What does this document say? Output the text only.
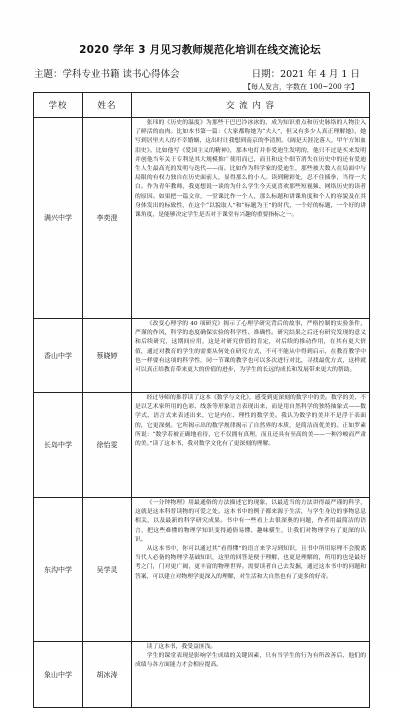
2020 学年 3 月见习教师规范化培训在线交流论坛
主题：学科专业书籍 读书心得体会	日期：2021 年 4 月 1 日
【每人发言，字数在 100~200 字】
学校	姓名	交 流 内 容
满兴中学	李奕澄	张玮的《历史的温度》为那些干巴巴冷冰冰的，成为知识重点和历史脉络的人物注入了鲜活的血肉。比如本书第一篇：《大家都称她为“夫人”，但又有多少人真正理解她》，她写到居里夫人的不幸婚姻，这出时让我想到南京的李清照。《阔是天涯沦落人，甲午方知血泪史》。比如他写《爱国主义的精神》，那本电灯并非爱迪生发明的，他只不过是买来发明并创他当年关于专利是其大规模推广使用而已，而丑和这个细节消失在历史中的还有爱迪生人生最高光的发明与迭代——而。比如作为科学家的爱迪生，那些被大数人在局面中与局限的有权力独自在历史面前人，显得那么的小人。读到精彩处，忍不住插拳，当得一大白。作为青年教师，我更想说一谈的为什么学生今天更喜欢那些短视频、网络历史的读者的原因。如果把一篇文章，一堂课比作一个人，那么标题和讲课角度和个人的容貌及在其身体发出的标致性，在这个“以貌取人”和“标题为王”的时代，一个好的标题，一个好的讲课角度，是能够决定学生是否对于课堂有兴趣的重要指标之一。

香山中学	蔡晓婷	《改变心理学的 40 项研究》揭示了心理学研究背后的故事，严格控制的实验条件，严谨的作风，科学的态度确保实验的科学性、准确性。研究结果之后还有研究发现的意义和后续研究，这期间应用，这是对研究价值的肯定，对后续的推动作用，在其有更大价值，通过对教育的学生的需要从何处在研究方式，不可不能从中得到启示，在教育教学中也一样要有这项的科学性，同一节课的教学也可以多次进行对比，寻找最优方式，这样就可以真正给教育带来更大的价值的进步，为学生的长远的成长和发展带来更大的帮助。

长岛中学	徐怡雯	经过导师的推荐读了这本《数学与文化》，感受到更深刻的数学中的美。数学的美，不是以艺术家所用的色彩、线条等形象语言表现出来，而是用自然科学的独特抽象式——数学式、语言式来表述出来，它是内在、理性的数学美。我认为数学的美并不是浮于表面的，它更深刻。它所揭示出的数学规律揭示了自然界的本质，是简洁而优美的。正如罗素所说：“数学若被正确地看待，它不仅拥有真理，而且还具有至高的美——一种冷峻而严肃的美。”读了这本书，我对数学文化有了更深刻的理解。

东沟中学	吴学灵	《一分钟物理》用最通俗的方法描述它的现象，以最适当的方法讲得最严谨的科学，这就是这本科普读物的可爱之处。这本书中的例子都来源于生活，与学生身边的事物息息相关，以及最新的科学研究成果。书中有一些看上去很深奥的问题，作者用最简洁的语言，把这些难懂的物理学知识变得通俗易懂、趣味横生，让我们对物理学有了更深的认识。

从这本书中，你可以通过其“看得懂”的语言来学习到知识，且书中所用原理不会脱离当代人必备的物理学基础知识，这里的回答是便于理解，也更是理解的，所用的也是最好考之门，门对更广阔，更丰富的物理世界。需要读者自己去发掘，通过这本书中的问题和答案，可以建立对物理学更深入的理解，对生活和大自然也有了更多的好奇。

象山中学	胡冰涛	读了这本书，我受益匪浅。

学生的课堂表现是影响学生成绩的关键因素，只有当学生的行为有所改善后，他们的成绩与各方面能力才会相应提高。
